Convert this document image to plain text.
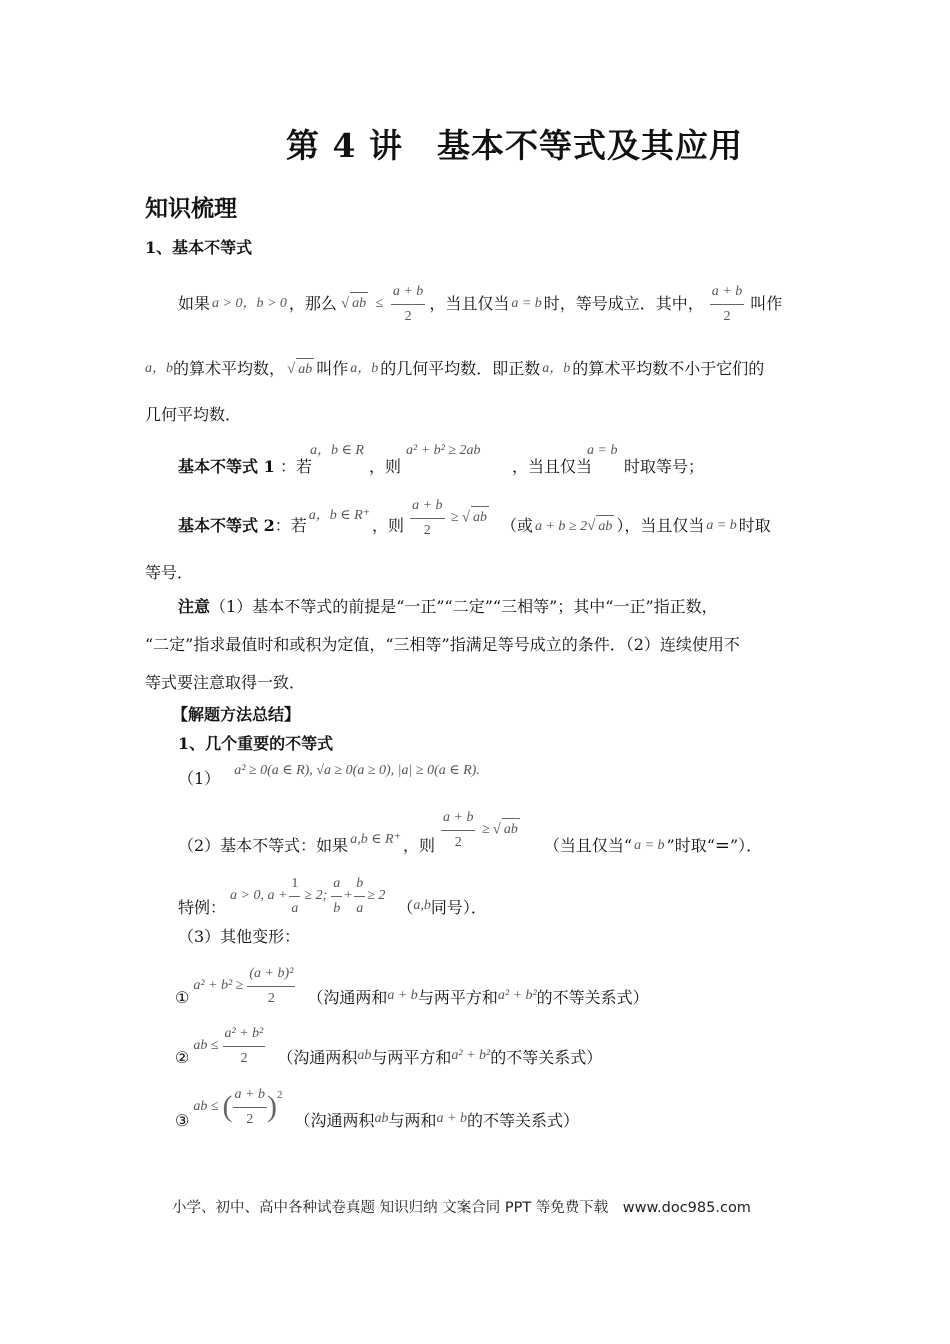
第 4 讲　基本不等式及其应用
知识梳理
1、基本不等式
如果 a > 0，b > 0 ，那么 √ ab ≤ $\frac{a + b}{2}$ ，当且仅当 a = b 时，等号成立．其中， $\frac{a + b}{2}$ 叫作
a，b 的算术平均数， √ ab 叫作 a，b 的几何平均数．即正数 a，b 的算术平均数不小于它们的
几何平均数．
基本不等式 1 ：若
a，b ∈ R
，则
a² + b² ≥ 2ab
，当且仅当
a = b
时取等号；
基本不等式 2 ：若
a，b ∈ R⁺
，则 $\frac{a + b}{2}$ ≥ √ ab （或 a + b ≥ 2√ ab ），当且仅当 a = b 时取
等号．
注意（1）基本不等式的前提是“一正”“二定”“三相等”；其中“一正”指正数，
“二定”指求最值时和或积为定值，“三相等”指满足等号成立的条件．（2）连续使用不
等式要注意取得一致．
【解题方法总结】
1、几个重要的不等式
（1） a² ≥ 0(a ∈ R), √a ≥ 0(a ≥ 0), |a| ≥ 0(a ∈ R).
（2）基本不等式：如果 a,b ∈ R⁺ ，则 $\frac{a + b}{2}$ ≥ √ ab
（当且仅当“ a = b ”时取“ = ”）．
特例：
a > 0, $a + \frac{1}{a} \ge 2$; $\frac{a}{b} + \frac{b}{a} \ge 2$
（ a,b 同号）．
（3）其他变形：
①
$a^2 + b^2 \ge \frac{\text{(a + b)²}}{2}$ （沟通两和 a + b 与两平方和 a² + b² 的不等关系式）
②
ab ≤ $\frac{\text{a² + b²}}{2}$ （沟通两积 ab 与两平方和 a² + b² 的不等关系式）
③
ab ≤ ( $\frac{a + b}{2}$ ) 2
（沟通两积 ab 与两和 a + b 的不等关系式）
小学、初中、高中各种试卷真题 知识归纳 文案合同 PPT 等免费下载　www.doc985.com
